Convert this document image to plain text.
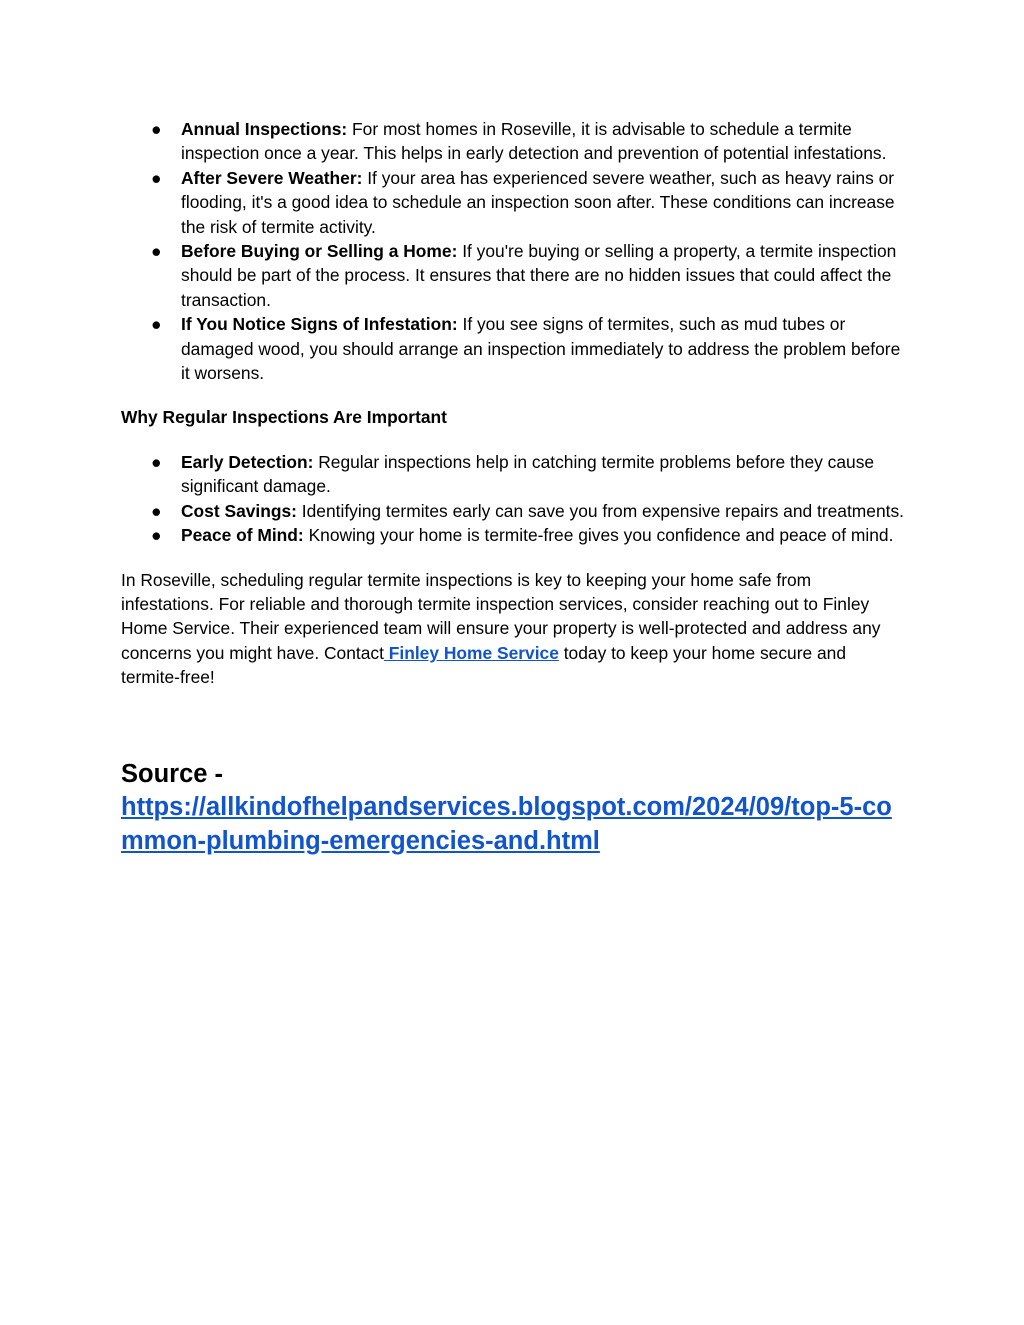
● Annual Inspections: For most homes in Roseville, it is advisable to schedule a termite inspection once a year. This helps in early detection and prevention of potential infestations.
● After Severe Weather: If your area has experienced severe weather, such as heavy rains or flooding, it's a good idea to schedule an inspection soon after. These conditions can increase the risk of termite activity.
● Before Buying or Selling a Home: If you're buying or selling a property, a termite inspection should be part of the process. It ensures that there are no hidden issues that could affect the transaction.
● If You Notice Signs of Infestation: If you see signs of termites, such as mud tubes or damaged wood, you should arrange an inspection immediately to address the problem before it worsens.
Why Regular Inspections Are Important
● Early Detection: Regular inspections help in catching termite problems before they cause significant damage.
● Cost Savings: Identifying termites early can save you from expensive repairs and treatments.
● Peace of Mind: Knowing your home is termite-free gives you confidence and peace of mind.

In Roseville, scheduling regular termite inspections is key to keeping your home safe from infestations. For reliable and thorough termite inspection services, consider reaching out to Finley Home Service. Their experienced team will ensure your property is well-protected and address any concerns you might have. Contact Finley Home Service today to keep your home secure and termite-free!

Source -
https://allkindofhelpandservices.blogspot.com/2024/09/top-5-common-plumbing-emergencies-and.html
